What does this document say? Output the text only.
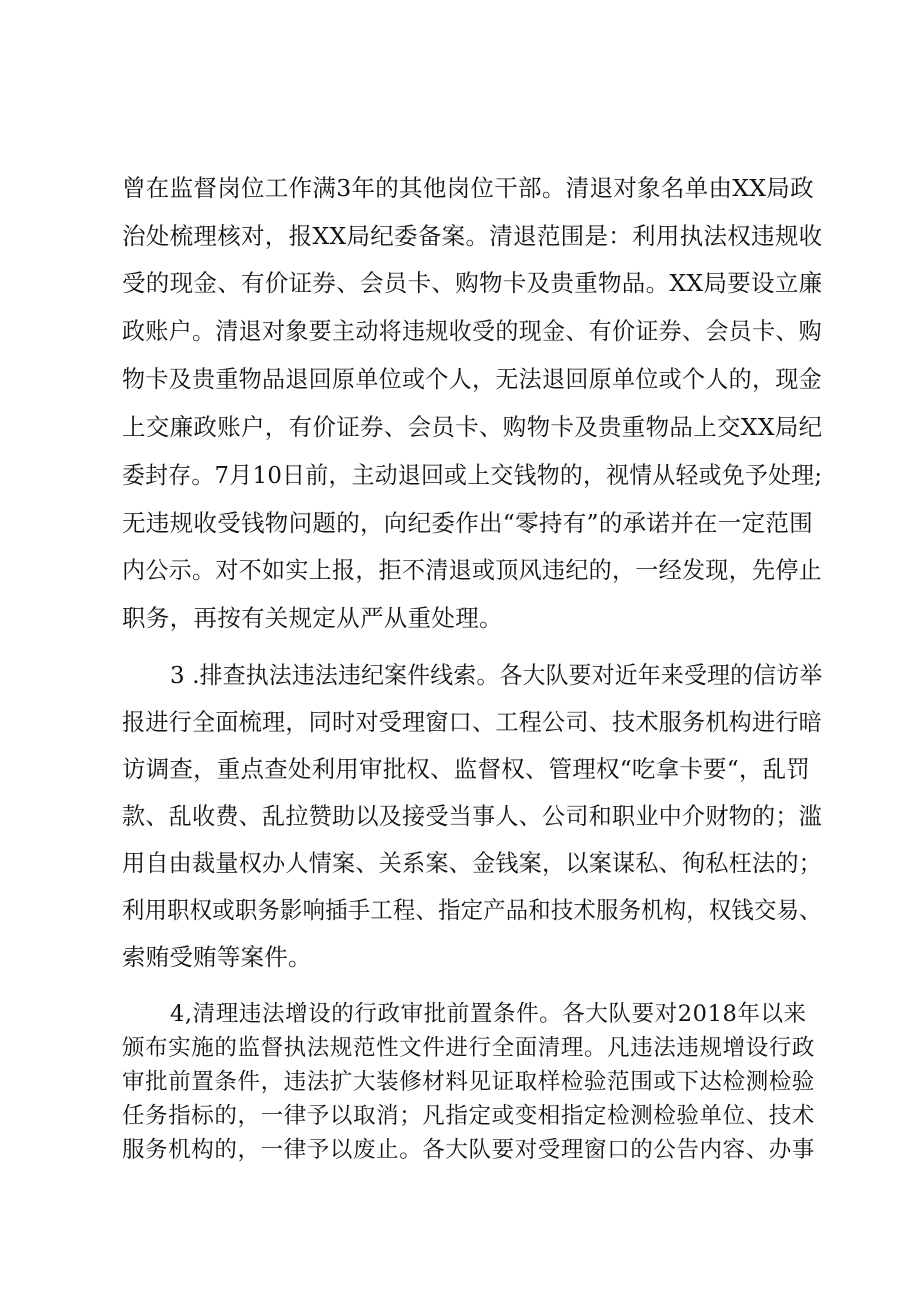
曾在监督岗位工作满3年的其他岗位干部。清退对象名单由XX局政
治处梳理核对，报XX局纪委备案。清退范围是：利用执法权违规收
受的现金、有价证券、会员卡、购物卡及贵重物品。XX局要设立廉
政账户。清退对象要主动将违规收受的现金、有价证券、会员卡、购
物卡及贵重物品退回原单位或个人，无法退回原单位或个人的，现金
上交廉政账户，有价证券、会员卡、购物卡及贵重物品上交XX局纪
委封存。7月10日前，主动退回或上交钱物的，视情从轻或免予处理;
无违规收受钱物问题的，向纪委作出“零持有”的承诺并在一定范围
内公示。对不如实上报，拒不清退或顶风违纪的，一经发现，先停止
职务，再按有关规定从严从重处理。
3 .排查执法违法违纪案件线索。各大队要对近年来受理的信访举
报进行全面梳理，同时对受理窗口、工程公司、技术服务机构进行暗
访调查，重点查处利用审批权、监督权、管理权“吃拿卡要“，乱罚
款、乱收费、乱拉赞助以及接受当事人、公司和职业中介财物的；滥
用自由裁量权办人情案、关系案、金钱案，以案谋私、徇私枉法的；
利用职权或职务影响插手工程、指定产品和技术服务机构，权钱交易、
索贿受贿等案件。
4,清理违法增设的行政审批前置条件。各大队要对2018年以来
颁布实施的监督执法规范性文件进行全面清理。凡违法违规增设行政
审批前置条件，违法扩大装修材料见证取样检验范围或下达检测检验
任务指标的，一律予以取消；凡指定或变相指定检测检验单位、技术
服务机构的，一律予以废止。各大队要对受理窗口的公告内容、办事
